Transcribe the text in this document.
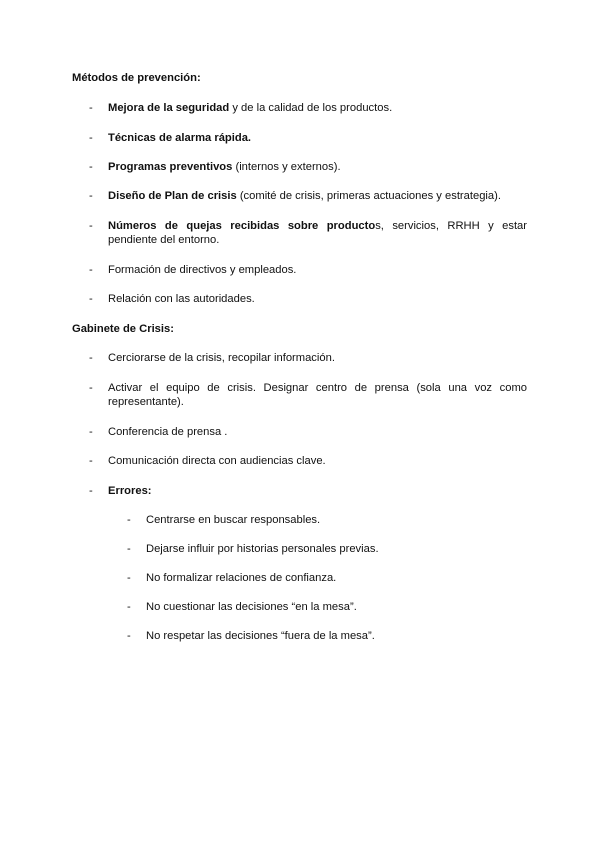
Métodos de prevención:

-	Mejora de la seguridad y de la calidad de los productos.
-	Técnicas de alarma rápida.
-	Programas preventivos (internos y externos).
-	Diseño de Plan de crisis (comité de crisis, primeras actuaciones y estrategia).
-	Números de quejas recibidas sobre productos, servicios, RRHH y estar pendiente del entorno.
-	Formación de directivos y empleados.
-	Relación con las autoridades.

Gabinete de Crisis:

-	Cerciorarse de la crisis, recopilar información.
-	Activar el equipo de crisis. Designar centro de prensa (sola una voz como representante).
-	Conferencia de prensa .
-	Comunicación directa con audiencias clave.
-	Errores:
-	Centrarse en buscar responsables.
-	Dejarse influir por historias personales previas.
-	No formalizar relaciones de confianza.
-	No cuestionar las decisiones “en la mesa”.
-	No respetar las decisiones “fuera de la mesa”.
